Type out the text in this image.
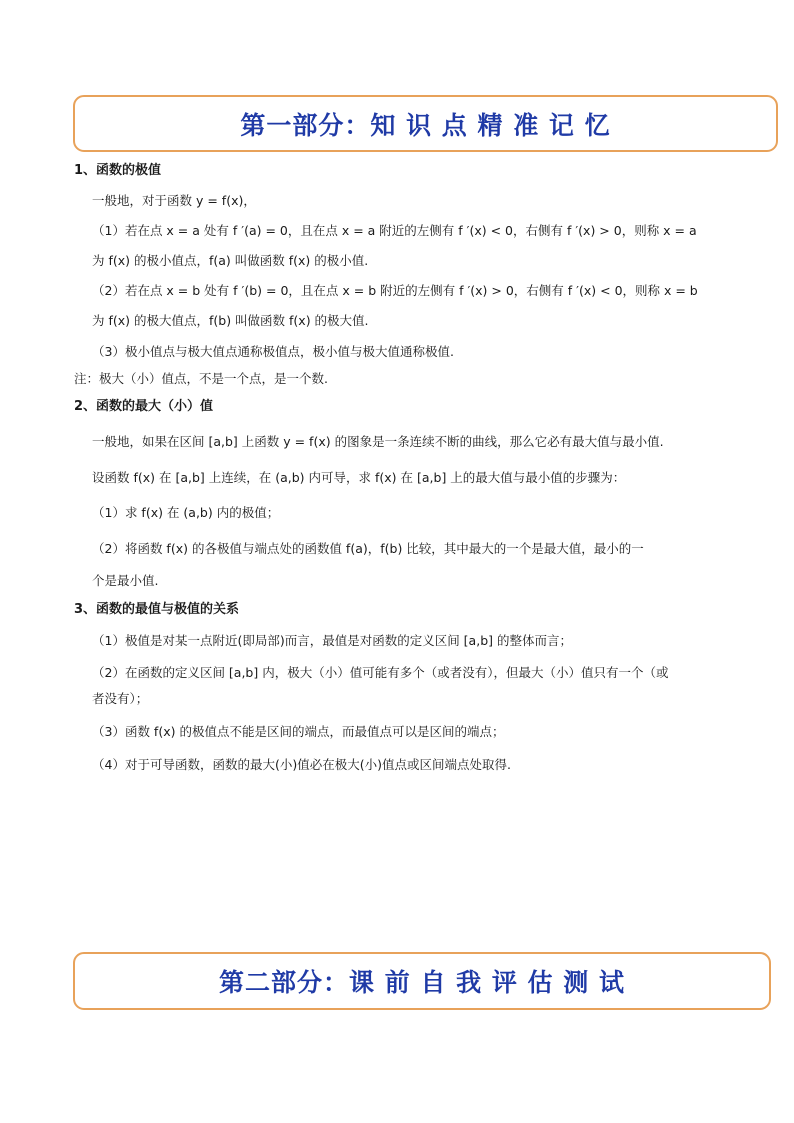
第一部分：知 识 点 精 准 记 忆
1、函数的极值
一般地，对于函数 y = f(x)，
（1）若在点 x = a 处有 f ′(a) = 0，且在点 x = a 附近的左侧有 f ′(x) < 0，右侧有 f ′(x) > 0，则称 x = a
为 f(x) 的极小值点，f(a) 叫做函数 f(x) 的极小值.
（2）若在点 x = b 处有 f ′(b) = 0，且在点 x = b 附近的左侧有 f ′(x) > 0，右侧有 f ′(x) < 0，则称 x = b
为 f(x) 的极大值点，f(b) 叫做函数 f(x) 的极大值.
（3）极小值点与极大值点通称极值点，极小值与极大值通称极值.
注：极大（小）值点，不是一个点，是一个数.
2、函数的最大（小）值
一般地，如果在区间 [a,b] 上函数 y = f(x) 的图象是一条连续不断的曲线，那么它必有最大值与最小值.
设函数 f(x) 在 [a,b] 上连续，在 (a,b) 内可导，求 f(x) 在 [a,b] 上的最大值与最小值的步骤为：
（1）求 f(x) 在 (a,b) 内的极值；
（2）将函数 f(x) 的各极值与端点处的函数值 f(a)，f(b) 比较，其中最大的一个是最大值，最小的一
个是最小值.
3、函数的最值与极值的关系
（1）极值是对某一点附近(即局部)而言，最值是对函数的定义区间 [a,b] 的整体而言；
（2）在函数的定义区间 [a,b] 内，极大（小）值可能有多个（或者没有），但最大（小）值只有一个（或
者没有）；
（3）函数 f(x) 的极值点不能是区间的端点，而最值点可以是区间的端点；
（4）对于可导函数，函数的最大(小)值必在极大(小)值点或区间端点处取得.
第二部分：课 前 自 我 评 估 测 试
